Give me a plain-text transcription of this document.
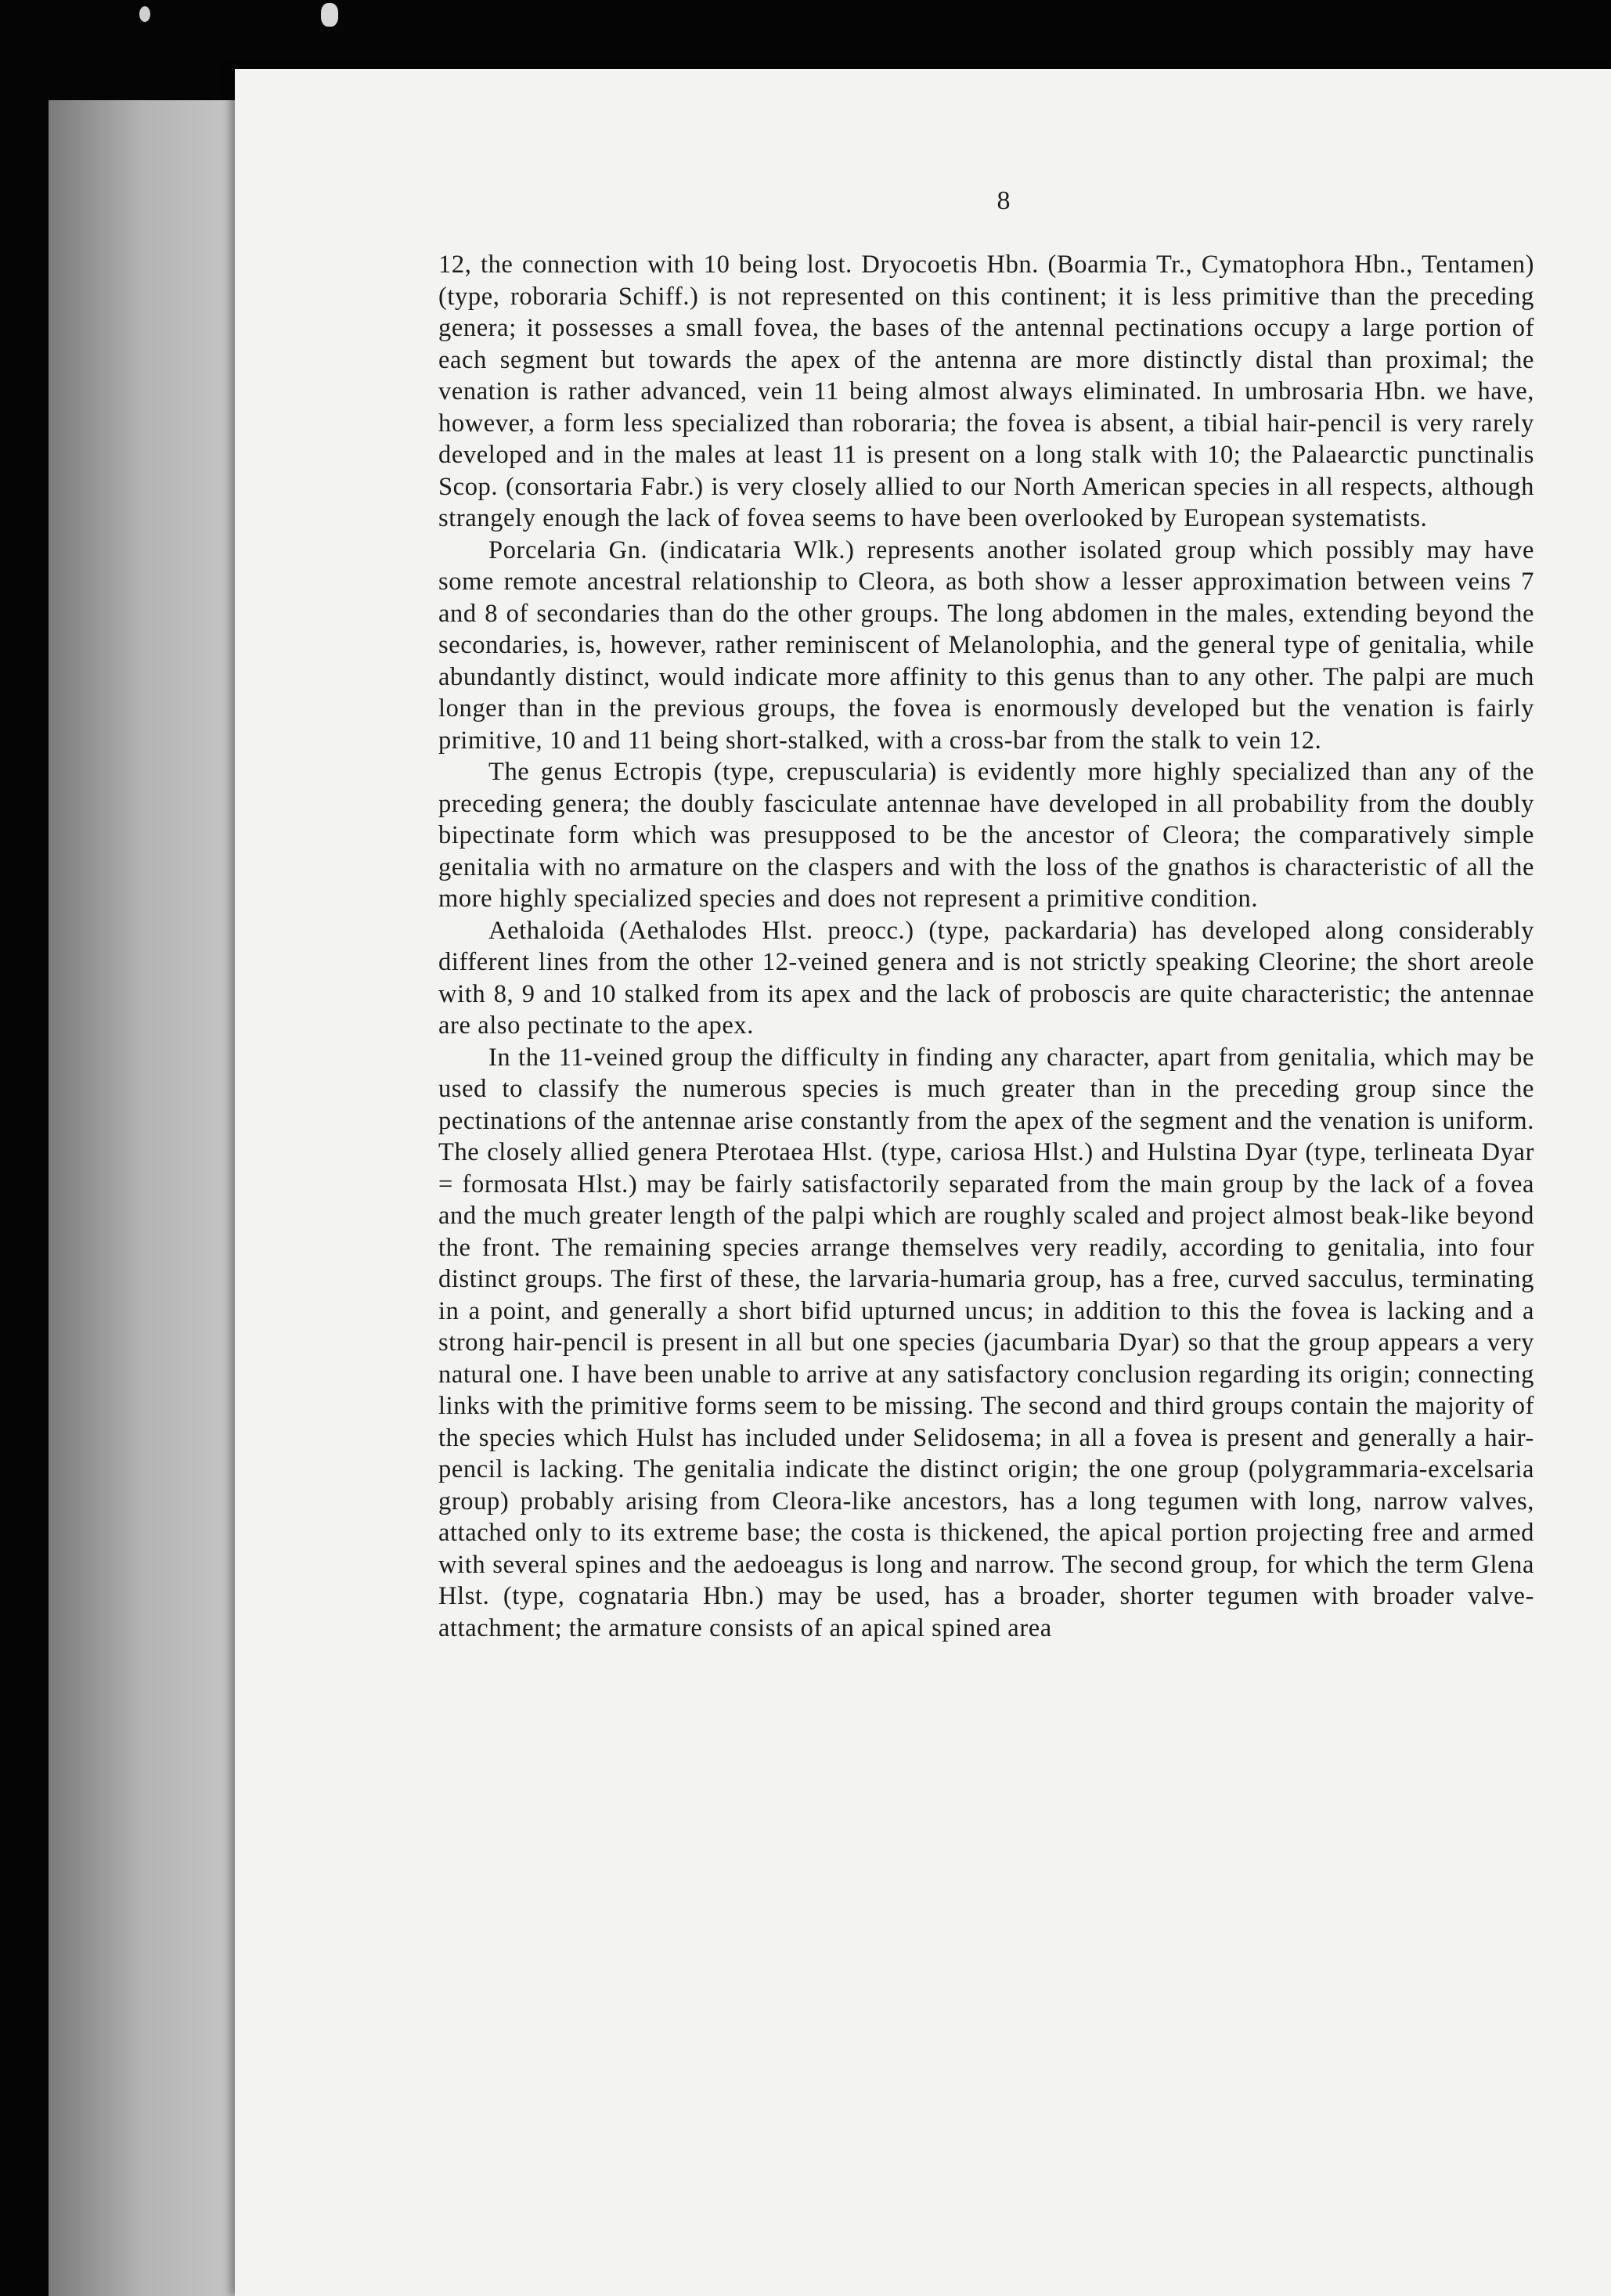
8

12, the connection with 10 being lost. Dryocoetis Hbn. (Boarmia Tr., Cymatophora Hbn., Tentamen) (type, roboraria Schiff.) is not represented on this continent; it is less primitive than the preceding genera; it possesses a small fovea, the bases of the antennal pectinations occupy a large portion of each segment but towards the apex of the antenna are more distinctly distal than proximal; the venation is rather advanced, vein 11 being almost always eliminated. In umbrosaria Hbn. we have, however, a form less specialized than roboraria; the fovea is absent, a tibial hair-pencil is very rarely developed and in the males at least 11 is present on a long stalk with 10; the Palaearctic punctinalis Scop. (consortaria Fabr.) is very closely allied to our North American species in all respects, although strangely enough the lack of fovea seems to have been overlooked by European systematists.

Porcelaria Gn. (indicataria Wlk.) represents another isolated group which possibly may have some remote ancestral relationship to Cleora, as both show a lesser approximation between veins 7 and 8 of secondaries than do the other groups. The long abdomen in the males, extending beyond the secondaries, is, however, rather reminiscent of Melanolophia, and the general type of genitalia, while abundantly distinct, would indicate more affinity to this genus than to any other. The palpi are much longer than in the previous groups, the fovea is enormously developed but the venation is fairly primitive, 10 and 11 being short-stalked, with a cross-bar from the stalk to vein 12.

The genus Ectropis (type, crepuscularia) is evidently more highly specialized than any of the preceding genera; the doubly fasciculate antennae have developed in all probability from the doubly bipectinate form which was presupposed to be the ancestor of Cleora; the comparatively simple genitalia with no armature on the claspers and with the loss of the gnathos is characteristic of all the more highly specialized species and does not represent a primitive condition.

Aethaloida (Aethalodes Hlst. preocc.) (type, packardaria) has developed along considerably different lines from the other 12-veined genera and is not strictly speaking Cleorine; the short areole with 8, 9 and 10 stalked from its apex and the lack of proboscis are quite characteristic; the antennae are also pectinate to the apex.

In the 11-veined group the difficulty in finding any character, apart from genitalia, which may be used to classify the numerous species is much greater than in the preceding group since the pectinations of the antennae arise constantly from the apex of the segment and the venation is uniform. The closely allied genera Pterotaea Hlst. (type, cariosa Hlst.) and Hulstina Dyar (type, terlineata Dyar = formosata Hlst.) may be fairly satisfactorily separated from the main group by the lack of a fovea and the much greater length of the palpi which are roughly scaled and project almost beak-like beyond the front. The remaining species arrange themselves very readily, according to genitalia, into four distinct groups. The first of these, the larvaria-humaria group, has a free, curved sacculus, terminating in a point, and generally a short bifid upturned uncus; in addition to this the fovea is lacking and a strong hair-pencil is present in all but one species (jacumbaria Dyar) so that the group appears a very natural one. I have been unable to arrive at any satisfactory conclusion regarding its origin; connecting links with the primitive forms seem to be missing. The second and third groups contain the majority of the species which Hulst has included under Selidosema; in all a fovea is present and generally a hair-pencil is lacking. The genitalia indicate the distinct origin; the one group (polygrammaria-excelsaria group) probably arising from Cleora-like ancestors, has a long tegumen with long, narrow valves, attached only to its extreme base; the costa is thickened, the apical portion projecting free and armed with several spines and the aedoeagus is long and narrow. The second group, for which the term Glena Hlst. (type, cognataria Hbn.) may be used, has a broader, shorter tegumen with broader valve-attachment; the armature consists of an apical spined area
